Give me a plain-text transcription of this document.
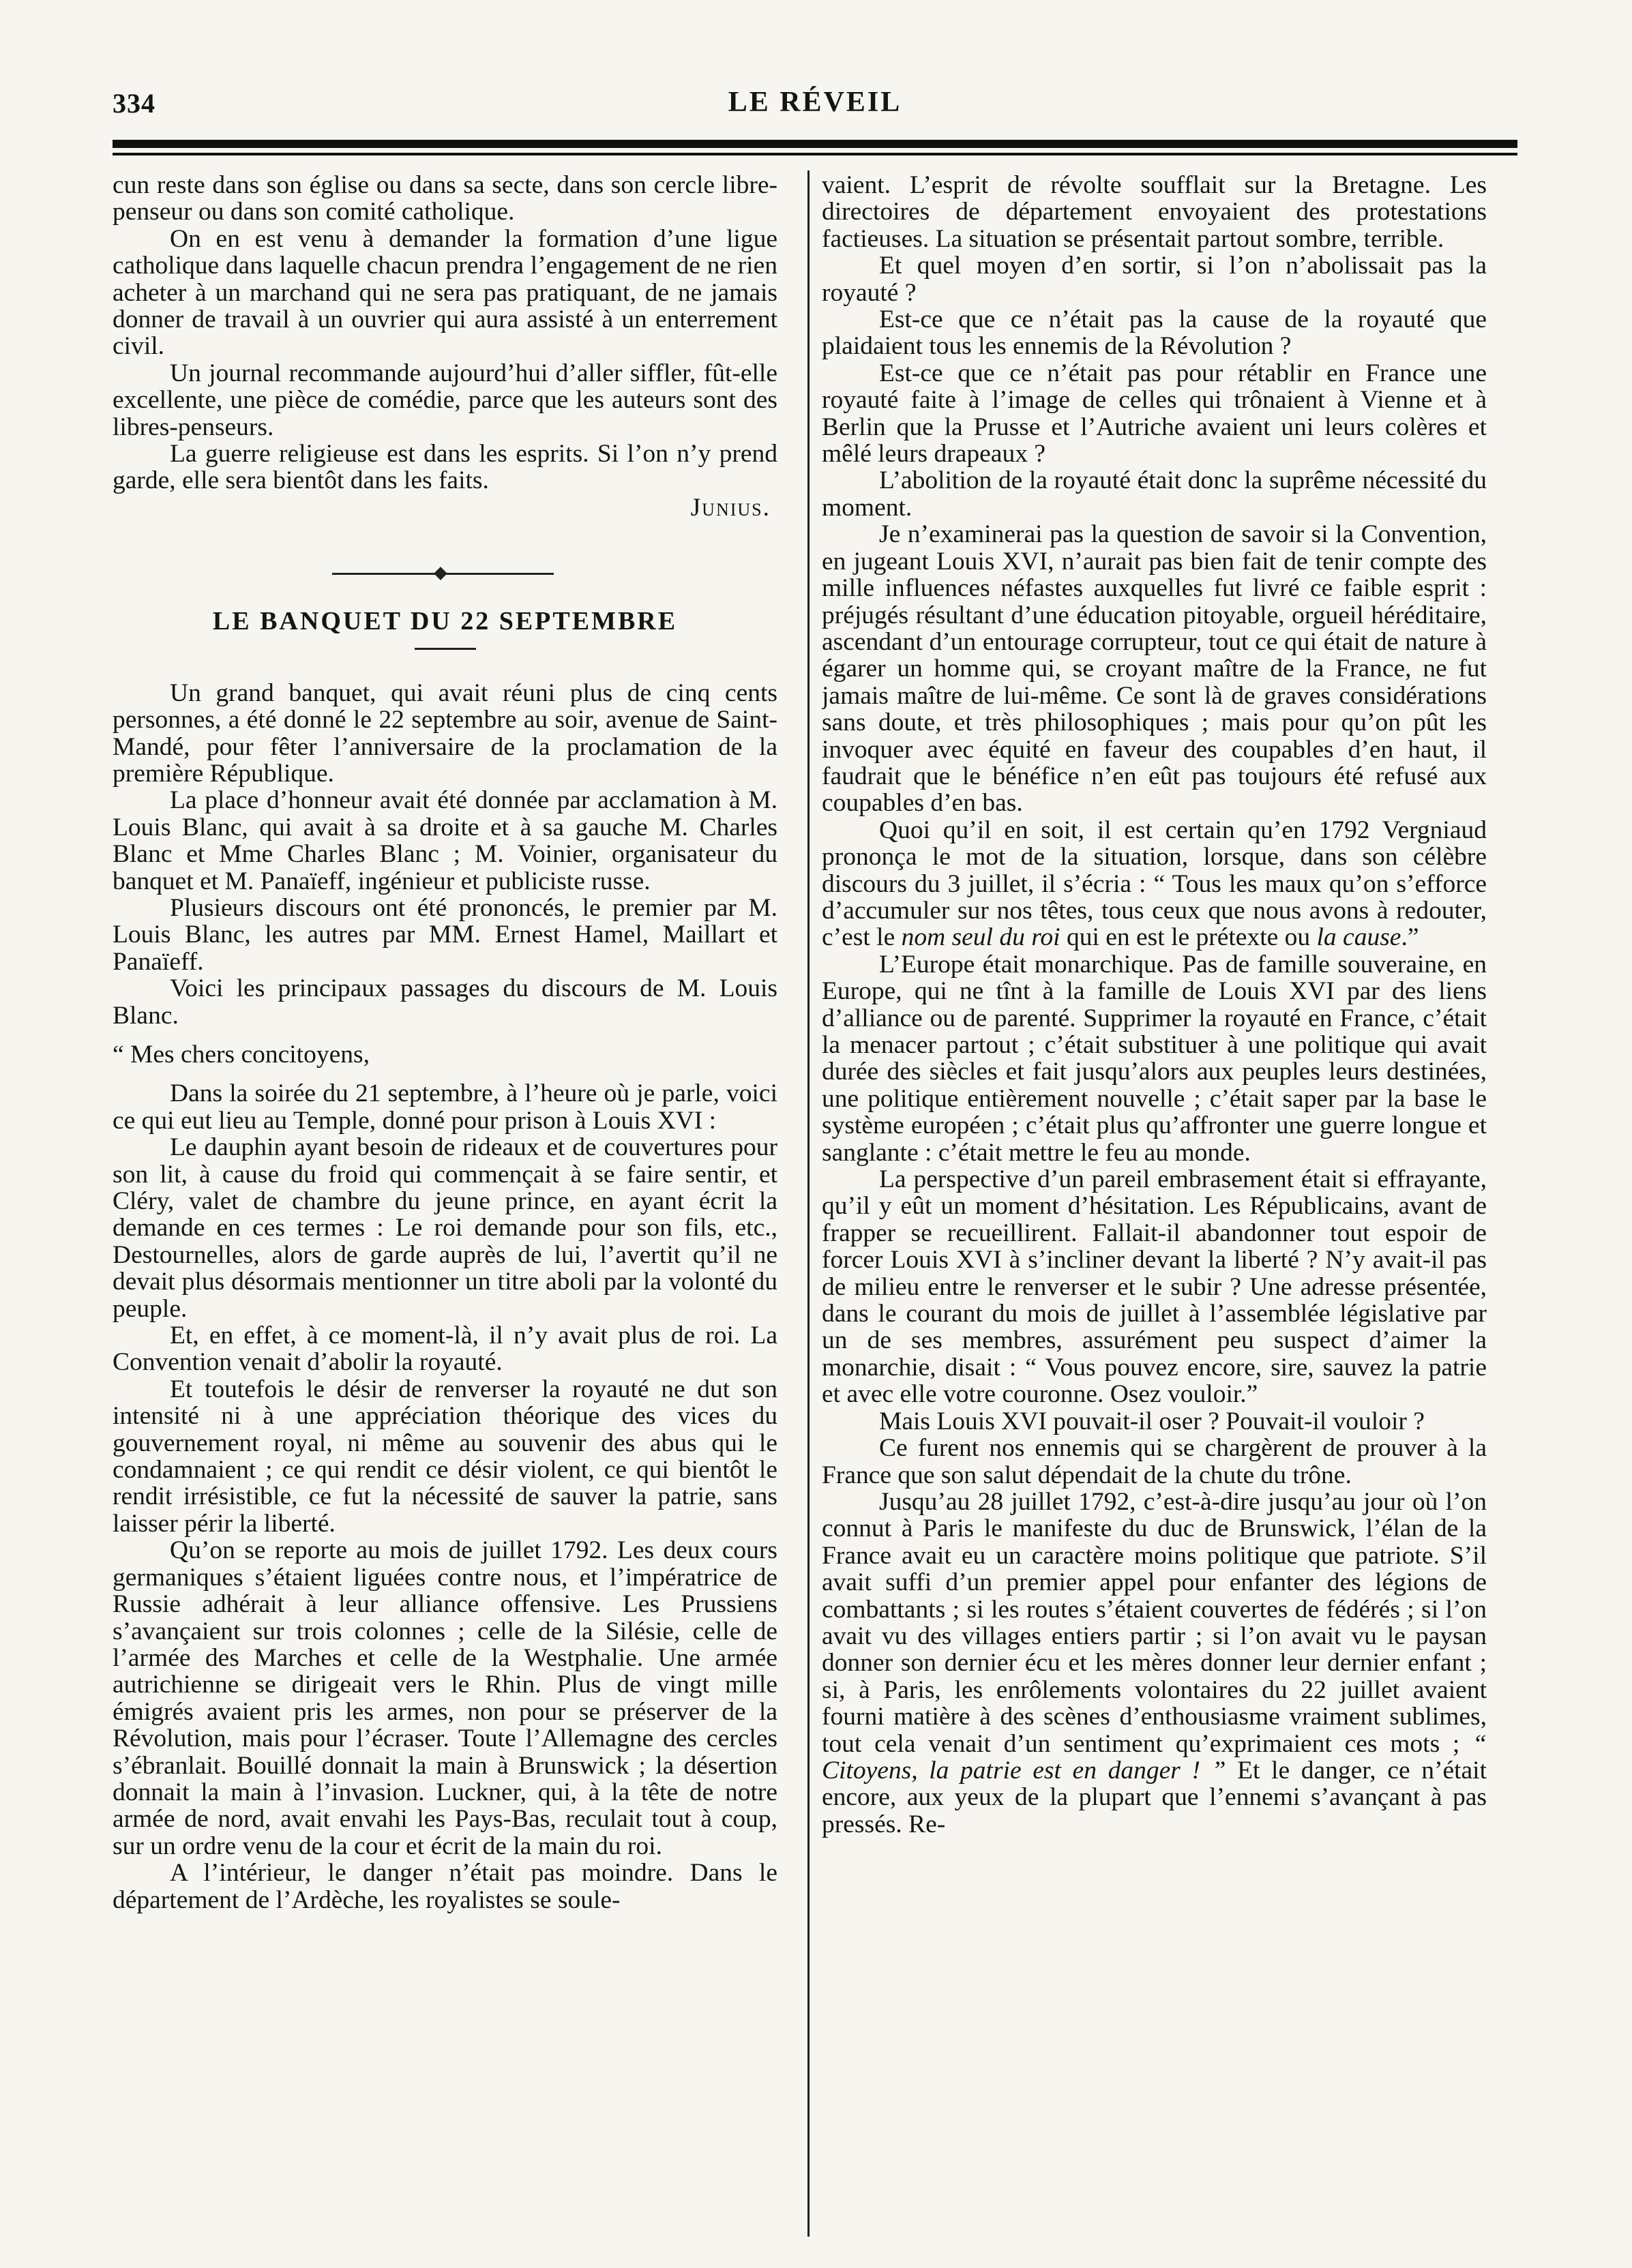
334	LE RÉVEIL

cun reste dans son église ou dans sa secte, dans son cercle libre-penseur ou dans son comité catholique.

On en est venu à demander la formation d’une ligue catholique dans laquelle chacun prendra l’engagement de ne rien acheter à un marchand qui ne sera pas pratiquant, de ne jamais donner de travail à un ouvrier qui aura assisté à un enterrement civil.

Un journal recommande aujourd’hui d’aller siffler, fût-elle excellente, une pièce de comédie, parce que les auteurs sont des libres-penseurs.

La guerre religieuse est dans les esprits. Si l’on n’y prend garde, elle sera bientôt dans les faits.

Junius.

LE BANQUET DU 22 SEPTEMBRE

Un grand banquet, qui avait réuni plus de cinq cents personnes, a été donné le 22 septembre au soir, avenue de Saint-Mandé, pour fêter l’anniversaire de la proclamation de la première République.

La place d’honneur avait été donnée par acclamation à M. Louis Blanc, qui avait à sa droite et à sa gauche M. Charles Blanc et Mme Charles Blanc ; M. Voinier, organisateur du banquet et M. Panaïeff, ingénieur et publiciste russe.

Plusieurs discours ont été prononcés, le premier par M. Louis Blanc, les autres par MM. Ernest Hamel, Maillart et Panaïeff.

Voici les principaux passages du discours de M. Louis Blanc.

“ Mes chers concitoyens,

Dans la soirée du 21 septembre, à l’heure où je parle, voici ce qui eut lieu au Temple, donné pour prison à Louis XVI :

Le dauphin ayant besoin de rideaux et de couvertures pour son lit, à cause du froid qui commençait à se faire sentir, et Cléry, valet de chambre du jeune prince, en ayant écrit la demande en ces termes : Le roi demande pour son fils, etc., Destournelles, alors de garde auprès de lui, l’avertit qu’il ne devait plus désormais mentionner un titre aboli par la volonté du peuple.

Et, en effet, à ce moment-là, il n’y avait plus de roi. La Convention venait d’abolir la royauté.

Et toutefois le désir de renverser la royauté ne dut son intensité ni à une appréciation théorique des vices du gouvernement royal, ni même au souvenir des abus qui le condamnaient ; ce qui rendit ce désir violent, ce qui bientôt le rendit irrésistible, ce fut la nécessité de sauver la patrie, sans laisser périr la liberté.

Qu’on se reporte au mois de juillet 1792. Les deux cours germaniques s’étaient liguées contre nous, et l’impératrice de Russie adhérait à leur alliance offensive. Les Prussiens s’avançaient sur trois colonnes ; celle de la Silésie, celle de l’armée des Marches et celle de la Westphalie. Une armée autrichienne se dirigeait vers le Rhin. Plus de vingt mille émigrés avaient pris les armes, non pour se préserver de la Révolution, mais pour l’écraser. Toute l’Allemagne des cercles s’ébranlait. Bouillé donnait la main à Brunswick ; la désertion donnait la main à l’invasion. Luckner, qui, à la tête de notre armée de nord, avait envahi les Pays-Bas, reculait tout à coup, sur un ordre venu de la cour et écrit de la main du roi.

A l’intérieur, le danger n’était pas moindre. Dans le département de l’Ardèche, les royalistes se soule-

vaient. L’esprit de révolte soufflait sur la Bretagne. Les directoires de département envoyaient des protestations factieuses. La situation se présentait partout sombre, terrible.

Et quel moyen d’en sortir, si l’on n’abolissait pas la royauté ?

Est-ce que ce n’était pas la cause de la royauté que plaidaient tous les ennemis de la Révolution ?

Est-ce que ce n’était pas pour rétablir en France une royauté faite à l’image de celles qui trônaient à Vienne et à Berlin que la Prusse et l’Autriche avaient uni leurs colères et mêlé leurs drapeaux ?

L’abolition de la royauté était donc la suprême nécessité du moment.

Je n’examinerai pas la question de savoir si la Convention, en jugeant Louis XVI, n’aurait pas bien fait de tenir compte des mille influences néfastes auxquelles fut livré ce faible esprit : préjugés résultant d’une éducation pitoyable, orgueil héréditaire, ascendant d’un entourage corrupteur, tout ce qui était de nature à égarer un homme qui, se croyant maître de la France, ne fut jamais maître de lui-même. Ce sont là de graves considérations sans doute, et très philosophiques ; mais pour qu’on pût les invoquer avec équité en faveur des coupables d’en haut, il faudrait que le bénéfice n’en eût pas toujours été refusé aux coupables d’en bas.

Quoi qu’il en soit, il est certain qu’en 1792 Vergniaud prononça le mot de la situation, lorsque, dans son célèbre discours du 3 juillet, il s’écria : “ Tous les maux qu’on s’efforce d’accumuler sur nos têtes, tous ceux que nous avons à redouter, c’est le nom seul du roi qui en est le prétexte ou la cause.”

L’Europe était monarchique. Pas de famille souveraine, en Europe, qui ne tînt à la famille de Louis XVI par des liens d’alliance ou de parenté. Supprimer la royauté en France, c’était la menacer partout ; c’était substituer à une politique qui avait durée des siècles et fait jusqu’alors aux peuples leurs destinées, une politique entièrement nouvelle ; c’était saper par la base le système européen ; c’était plus qu’affronter une guerre longue et sanglante : c’était mettre le feu au monde.

La perspective d’un pareil embrasement était si effrayante, qu’il y eût un moment d’hésitation. Les Républicains, avant de frapper se recueillirent. Fallait-il abandonner tout espoir de forcer Louis XVI à s’incliner devant la liberté ? N’y avait-il pas de milieu entre le renverser et le subir ? Une adresse présentée, dans le courant du mois de juillet à l’assemblée législative par un de ses membres, assurément peu suspect d’aimer la monarchie, disait : “ Vous pouvez encore, sire, sauvez la patrie et avec elle votre couronne. Osez vouloir.”

Mais Louis XVI pouvait-il oser ? Pouvait-il vouloir ?

Ce furent nos ennemis qui se chargèrent de prouver à la France que son salut dépendait de la chute du trône.

Jusqu’au 28 juillet 1792, c’est-à-dire jusqu’au jour où l’on connut à Paris le manifeste du duc de Brunswick, l’élan de la France avait eu un caractère moins politique que patriote. S’il avait suffi d’un premier appel pour enfanter des légions de combattants ; si les routes s’étaient couvertes de fédérés ; si l’on avait vu des villages entiers partir ; si l’on avait vu le paysan donner son dernier écu et les mères donner leur dernier enfant ; si, à Paris, les enrôlements volontaires du 22 juillet avaient fourni matière à des scènes d’enthousiasme vraiment sublimes, tout cela venait d’un sentiment qu’exprimaient ces mots ; “ Citoyens, la patrie est en danger ! ” Et le danger, ce n’était encore, aux yeux de la plupart que l’ennemi s’avançant à pas pressés. Re-
